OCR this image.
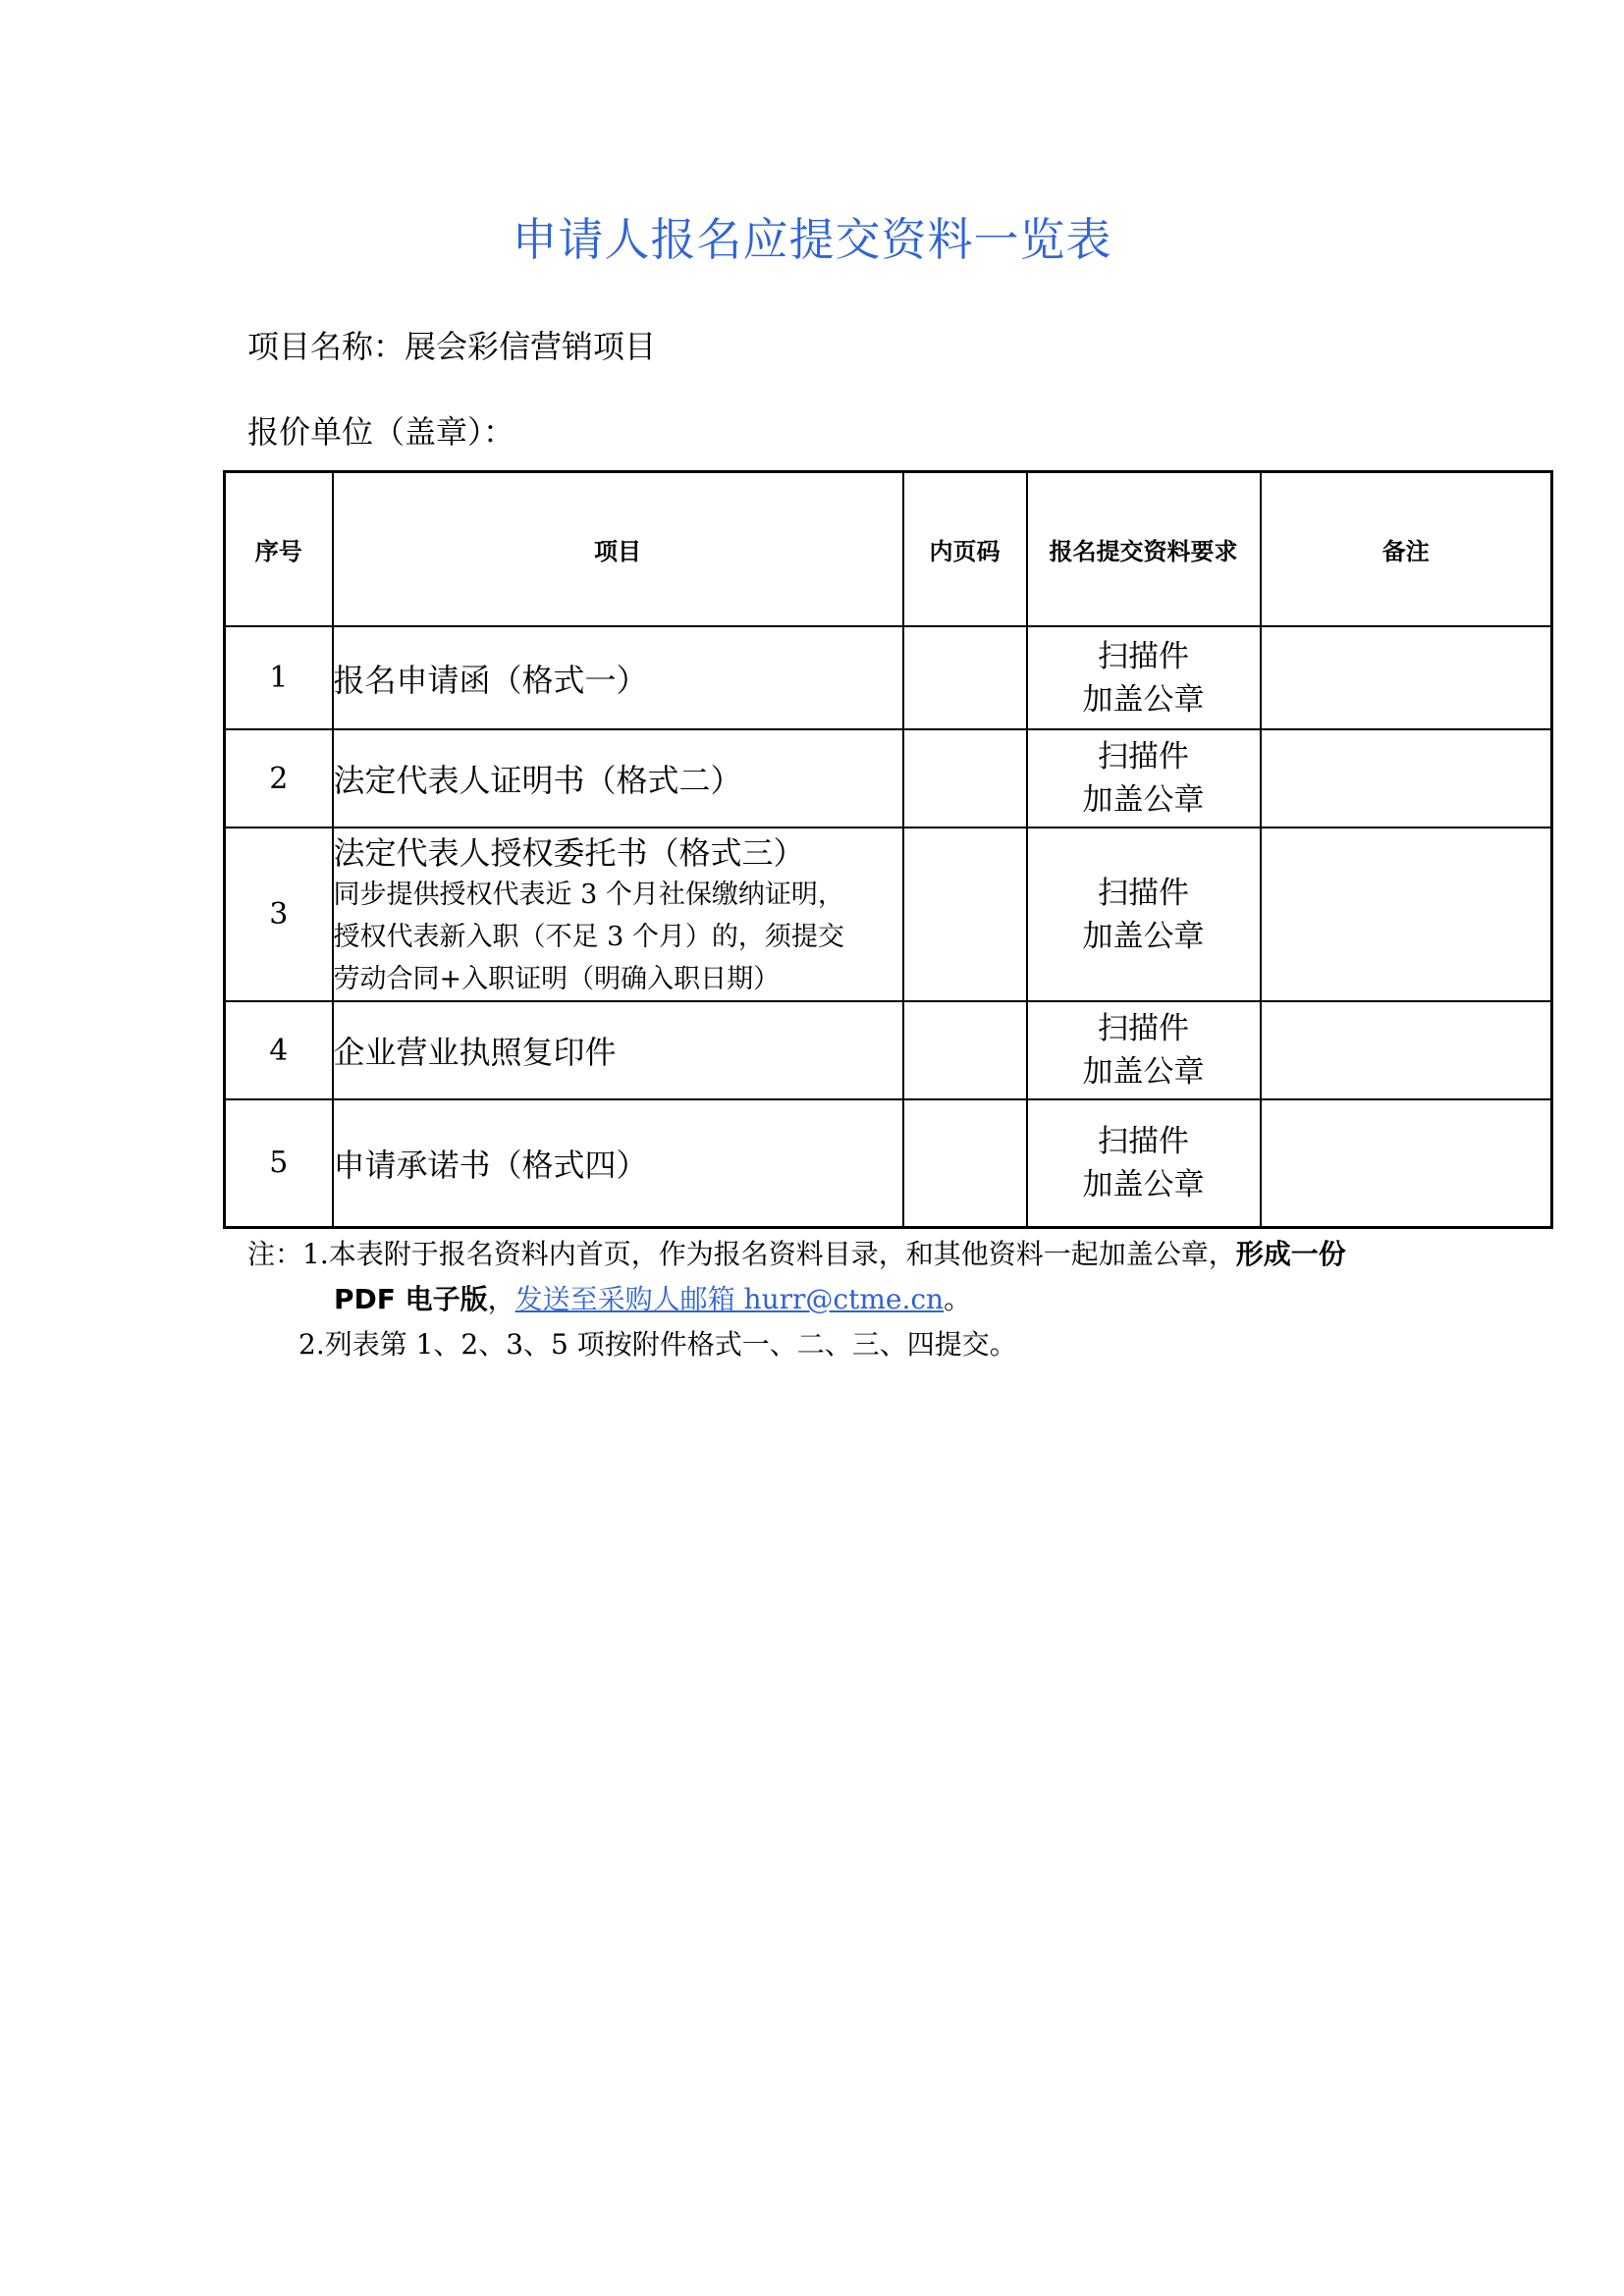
申请人报名应提交资料一览表
项目名称：展会彩信营销项目
报价单位（盖章）：
序号	项目	内页码	报名提交资料要求	备注
1	报名申请函（格式一）		扫描件
加盖公章	

2	法定代表人证明书（格式二）		扫描件
加盖公章	

3	法定代表人授权委托书（格式三）
同步提供授权代表近 3 个月社保缴纳证明，
授权代表新入职（不足 3 个月）的，须提交
劳动合同+入职证明（明确入职日期）		扫描件
加盖公章	

4	企业营业执照复印件		扫描件
加盖公章	

5	申请承诺书（格式四）		扫描件
加盖公章	

注：1.本表附于报名资料内首页，作为报名资料目录，和其他资料一起加盖公章，形成一份
PDF 电子版，发送至采购人邮箱 hurr@ctme.cn。
2.列表第 1、2、3、5 项按附件格式一、二、三、四提交。
